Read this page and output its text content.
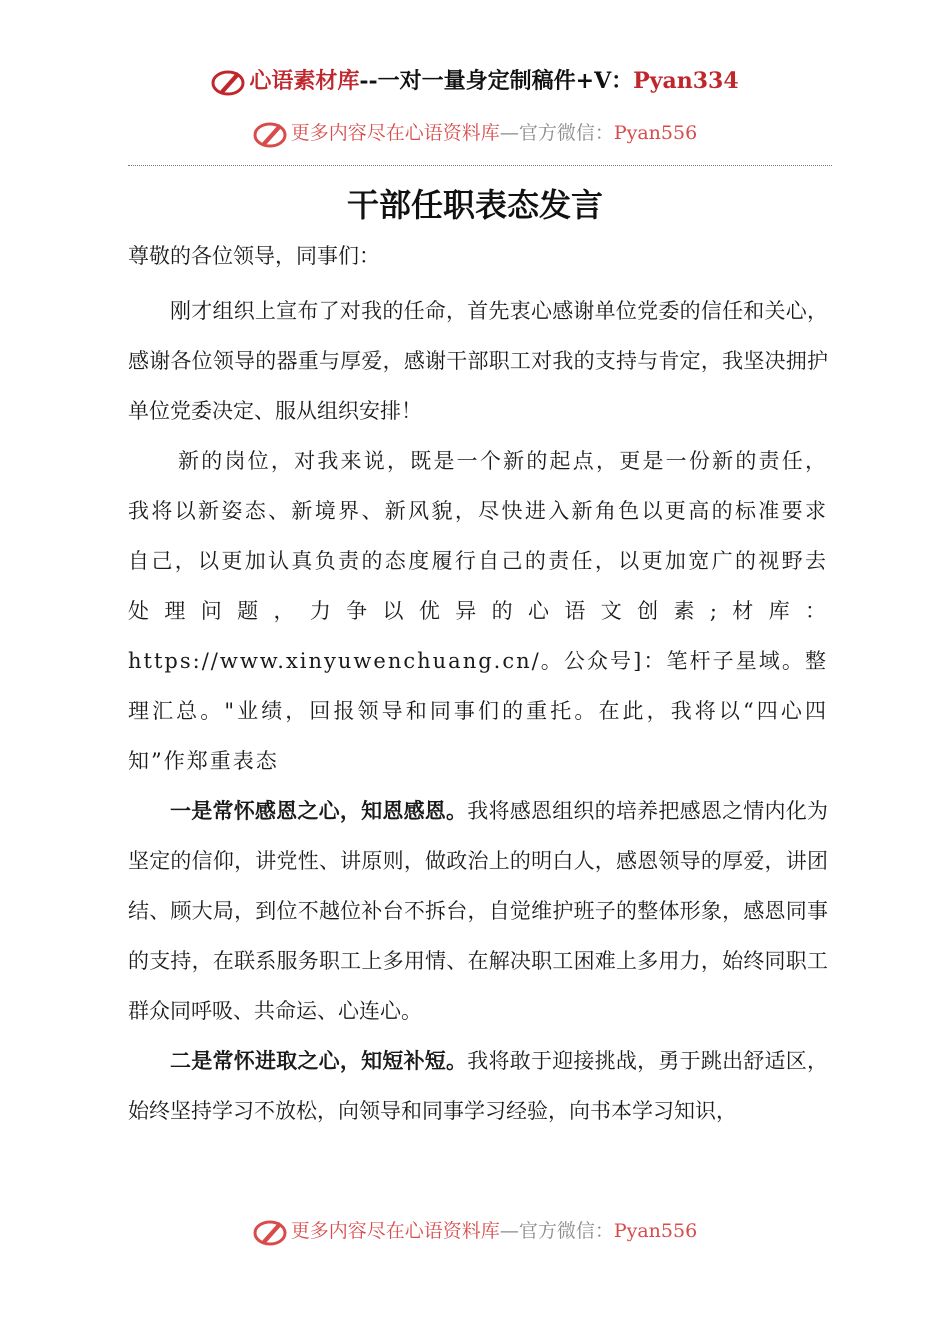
心语素材库--一对一量身定制稿件+V：Pyan334
更多内容尽在心语资料库—官方微信：Pyan556
干部任职表态发言

尊敬的各位领导，同事们：

刚才组织上宣布了对我的任命，首先衷心感谢单位党委的信任和关心，感谢各位领导的器重与厚爱，感谢干部职工对我的支持与肯定，我坚决拥护单位党委决定、服从组织安排！

新的岗位，对我来说，既是一个新的起点，更是一份新的责任，我将以新姿态、新境界、新风貌，尽快进入新角色以更高的标准要求自己，以更加认真负责的态度履行自己的责任，以更加宽广的视野去处理问题，力争以优异的心语文创素;材库：https://www.xinyuwenchuang.cn/。公众号]：笔杆子星域。整理汇总。"业绩，回报领导和同事们的重托。在此，我将以“四心四知”作郑重表态

一是常怀感恩之心，知恩感恩。我将感恩组织的培养把感恩之情内化为坚定的信仰，讲党性、讲原则，做政治上的明白人，感恩领导的厚爱，讲团结、顾大局，到位不越位补台不拆台，自觉维护班子的整体形象，感恩同事的支持，在联系服务职工上多用情、在解决职工困难上多用力，始终同职工群众同呼吸、共命运、心连心。

二是常怀进取之心，知短补短。我将敢于迎接挑战，勇于跳出舒适区，始终坚持学习不放松，向领导和同事学习经验，向书本学习知识，

更多内容尽在心语资料库—官方微信：Pyan556
